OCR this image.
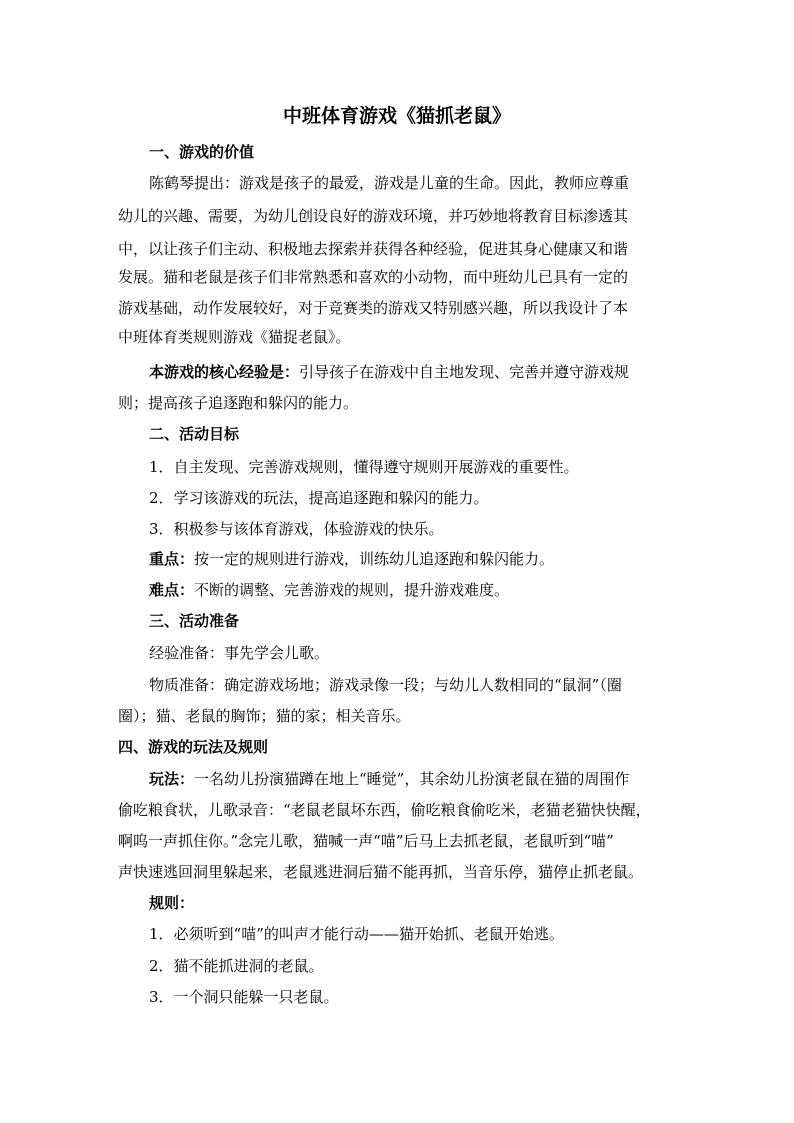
中班体育游戏《猫抓老鼠》
一、游戏的价值
陈鹤琴提出：游戏是孩子的最爱，游戏是儿童的生命。因此，教师应尊重
幼儿的兴趣、需要，为幼儿创设良好的游戏环境，并巧妙地将教育目标渗透其
中，以让孩子们主动、积极地去探索并获得各种经验，促进其身心健康又和谐
发展。猫和老鼠是孩子们非常熟悉和喜欢的小动物，而中班幼儿已具有一定的
游戏基础，动作发展较好，对于竞赛类的游戏又特别感兴趣，所以我设计了本
中班体育类规则游戏《猫捉老鼠》。
本游戏的核心经验是：引导孩子在游戏中自主地发现、完善并遵守游戏规
则；提高孩子追逐跑和躲闪的能力。
二、活动目标
1．自主发现、完善游戏规则，懂得遵守规则开展游戏的重要性。
2．学习该游戏的玩法，提高追逐跑和躲闪的能力。
3．积极参与该体育游戏，体验游戏的快乐。
重点：按一定的规则进行游戏，训练幼儿追逐跑和躲闪能力。
难点：不断的调整、完善游戏的规则，提升游戏难度。
三、活动准备
经验准备：事先学会儿歌。
物质准备：确定游戏场地；游戏录像一段；与幼儿人数相同的“鼠洞”（圈
圈）；猫、老鼠的胸饰；猫的家；相关音乐。
四、游戏的玩法及规则
玩法：一名幼儿扮演猫蹲在地上“睡觉”，其余幼儿扮演老鼠在猫的周围作
偷吃粮食状，儿歌录音：“老鼠老鼠坏东西，偷吃粮食偷吃米，老猫老猫快快醒，
啊呜一声抓住你。”念完儿歌，猫喊一声“喵”后马上去抓老鼠，老鼠听到“喵”
声快速逃回洞里躲起来，老鼠逃进洞后猫不能再抓，当音乐停，猫停止抓老鼠。
规则：
1．必须听到“喵”的叫声才能行动——猫开始抓、老鼠开始逃。
2．猫不能抓进洞的老鼠。
3．一个洞只能躲一只老鼠。
